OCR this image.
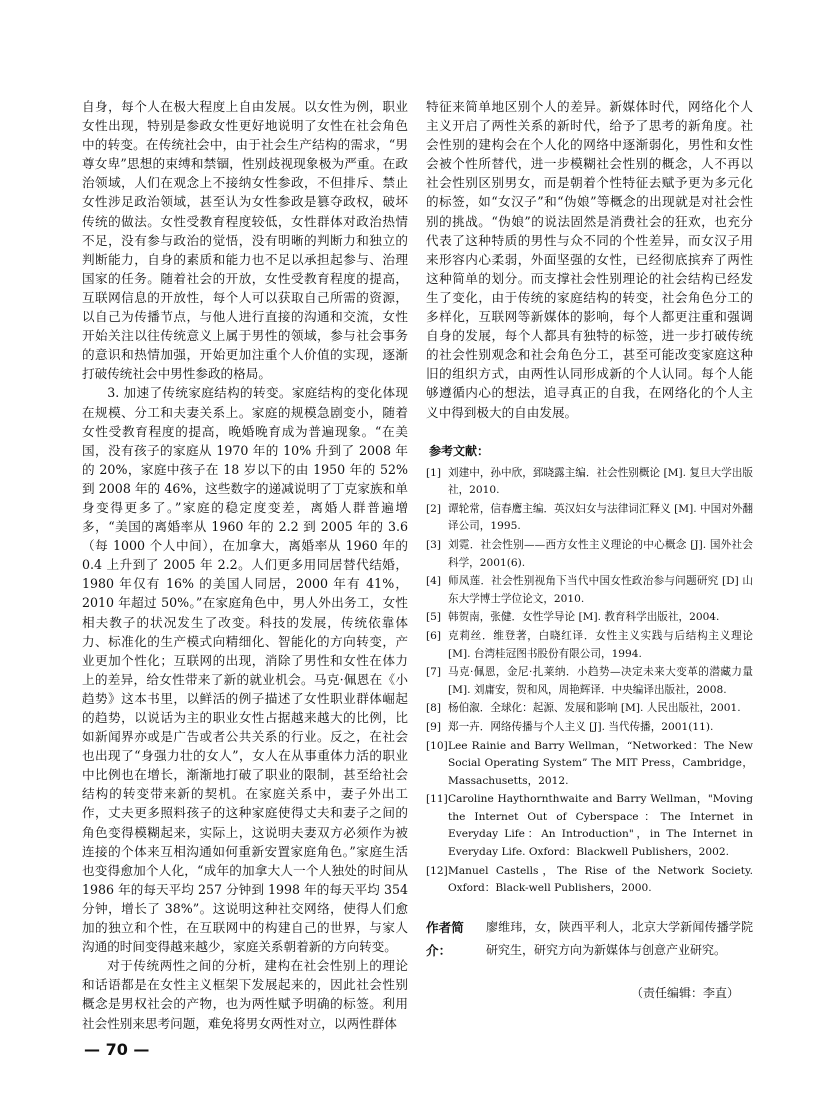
自身，每个人在极大程度上自由发展。以女性为例，职业女性出现，特别是参政女性更好地说明了女性在社会角色中的转变。在传统社会中，由于社会生产结构的需求，“男尊女卑”思想的束缚和禁锢，性别歧视现象极为严重。在政治领域，人们在观念上不接纳女性参政，不但排斥、禁止女性涉足政治领域，甚至认为女性参政是篡夺政权，破坏传统的做法。女性受教育程度较低，女性群体对政治热情不足，没有参与政治的觉悟，没有明晰的判断力和独立的判断能力，自身的素质和能力也不足以承担起参与、治理国家的任务。随着社会的开放，女性受教育程度的提高，互联网信息的开放性，每个人可以获取自己所需的资源，以自己为传播节点，与他人进行直接的沟通和交流，女性开始关注以往传统意义上属于男性的领域，参与社会事务的意识和热情加强，开始更加注重个人价值的实现，逐渐打破传统社会中男性参政的格局。

3. 加速了传统家庭结构的转变。家庭结构的变化体现在规模、分工和夫妻关系上。家庭的规模急剧变小，随着女性受教育程度的提高，晚婚晚育成为普遍现象。“在美国，没有孩子的家庭从 1970 年的 10% 升到了 2008 年的 20%，家庭中孩子在 18 岁以下的由 1950 年的 52% 到 2008 年的 46%，这些数字的递减说明了丁克家族和单身变得更多了。”家庭的稳定度变差，离婚人群普遍增多，“美国的离婚率从 1960 年的 2.2 到 2005 年的 3.6（每 1000 个人中间），在加拿大，离婚率从 1960 年的 0.4 上升到了 2005 年 2.2。人们更多用同居替代结婚，1980 年仅有 16% 的美国人同居，2000 年有 41%，2010 年超过 50%。”在家庭角色中，男人外出务工，女性相夫教子的状况发生了改变。科技的发展，传统依靠体力、标准化的生产模式向精细化、智能化的方向转变，产业更加个性化；互联网的出现，消除了男性和女性在体力上的差异，给女性带来了新的就业机会。马克·佩恩在《小趋势》这本书里，以鲜活的例子描述了女性职业群体崛起的趋势，以说话为主的职业女性占据越来越大的比例，比如新闻界亦或是广告或者公共关系的行业。反之，在社会也出现了“身强力壮的女人”，女人在从事重体力活的职业中比例也在增长，渐渐地打破了职业的限制，甚至给社会结构的转变带来新的契机。在家庭关系中，妻子外出工作，丈夫更多照料孩子的这种家庭使得丈夫和妻子之间的角色变得模糊起来，实际上，这说明夫妻双方必须作为被连接的个体来互相沟通如何重新安置家庭角色。”家庭生活也变得愈加个人化，“成年的加拿大人一个人独处的时间从 1986 年的每天平均 257 分钟到 1998 年的每天平均 354 分钟，增长了 38%”。这说明这种社交网络，使得人们愈加的独立和个性，在互联网中的构建自己的世界，与家人沟通的时间变得越来越少，家庭关系朝着新的方向转变。

对于传统两性之间的分析，建构在社会性别上的理论和话语都是在女性主义框架下发展起来的，因此社会性别概念是男权社会的产物，也为两性赋予明确的标签。利用社会性别来思考问题，难免将男女两性对立，以两性群体

特征来简单地区别个人的差异。新媒体时代，网络化个人主义开启了两性关系的新时代，给予了思考的新角度。社会性别的建构会在个人化的网络中逐渐弱化，男性和女性会被个性所替代，进一步模糊社会性别的概念，人不再以社会性别区别男女，而是朝着个性特征去赋予更为多元化的标签，如“女汉子”和“伪娘”等概念的出现就是对社会性别的挑战。“伪娘”的说法固然是消费社会的狂欢，也充分代表了这种特质的男性与众不同的个性差异，而女汉子用来形容内心柔弱，外面坚强的女性，已经彻底摈弃了两性这种简单的划分。而支撑社会性别理论的社会结构已经发生了变化，由于传统的家庭结构的转变，社会角色分工的多样化，互联网等新媒体的影响，每个人都更注重和强调自身的发展，每个人都具有独特的标签，进一步打破传统的社会性别观念和社会角色分工，甚至可能改变家庭这种旧的组织方式，由两性认同形成新的个人认同。每个人能够遵循内心的想法，追寻真正的自我，在网络化的个人主义中得到极大的自由发展。

参考文献：
[1] 刘建中，孙中欣，郅晓露主编．社会性别概论 [M]. 复旦大学出版社，2010.
[2] 谭轮常，信春鹰主编．英汉妇女与法律词汇释义 [M]. 中国对外翻译公司，1995.
[3] 刘霓．社会性别——西方女性主义理论的中心概念 [J]. 国外社会科学，2001(6).
[4] 师凤莲．社会性别视角下当代中国女性政治参与问题研究 [D] 山东大学博士学位论文，2010.
[5] 韩贺南，张健．女性学导论 [M]. 教育科学出版社，2004.
[6] 克莉丝．维登著，白晓红译．女性主义实践与后结构主义理论 [M]. 台湾桂冠图书股份有限公司，1994.
[7] 马克·佩恩，金尼·扎莱纳．小趋势—决定未来大变革的潜藏力量 [M]. 刘庸安，贺和风，周艳辉译．中央编译出版社，2008.
[8] 杨伯溆．全球化：起源、发展和影响 [M]. 人民出版社，2001.
[9] 郑一卉．网络传播与个人主义 [J]. 当代传播，2001(11).
[10] Lee Rainie and Barry Wellman，“Networked：The New Social Operating System” The MIT Press，Cambridge，Massachusetts，2012.
[11] Caroline Haythornthwaite and Barry Wellman，"Moving the Internet Out of Cyberspace：The Internet in Everyday Life：An Introduction"，in The Internet in Everyday Life. Oxford：Blackwell Publishers，2002.
[12] Manuel Castells，The Rise of the Network Society. Oxford：Black-well Publishers，2000.
作者简介：
廖维玮，女，陕西平利人，北京大学新闻传播学院研究生，研究方向为新媒体与创意产业研究。
（责任编辑：李直）
— 70 —
